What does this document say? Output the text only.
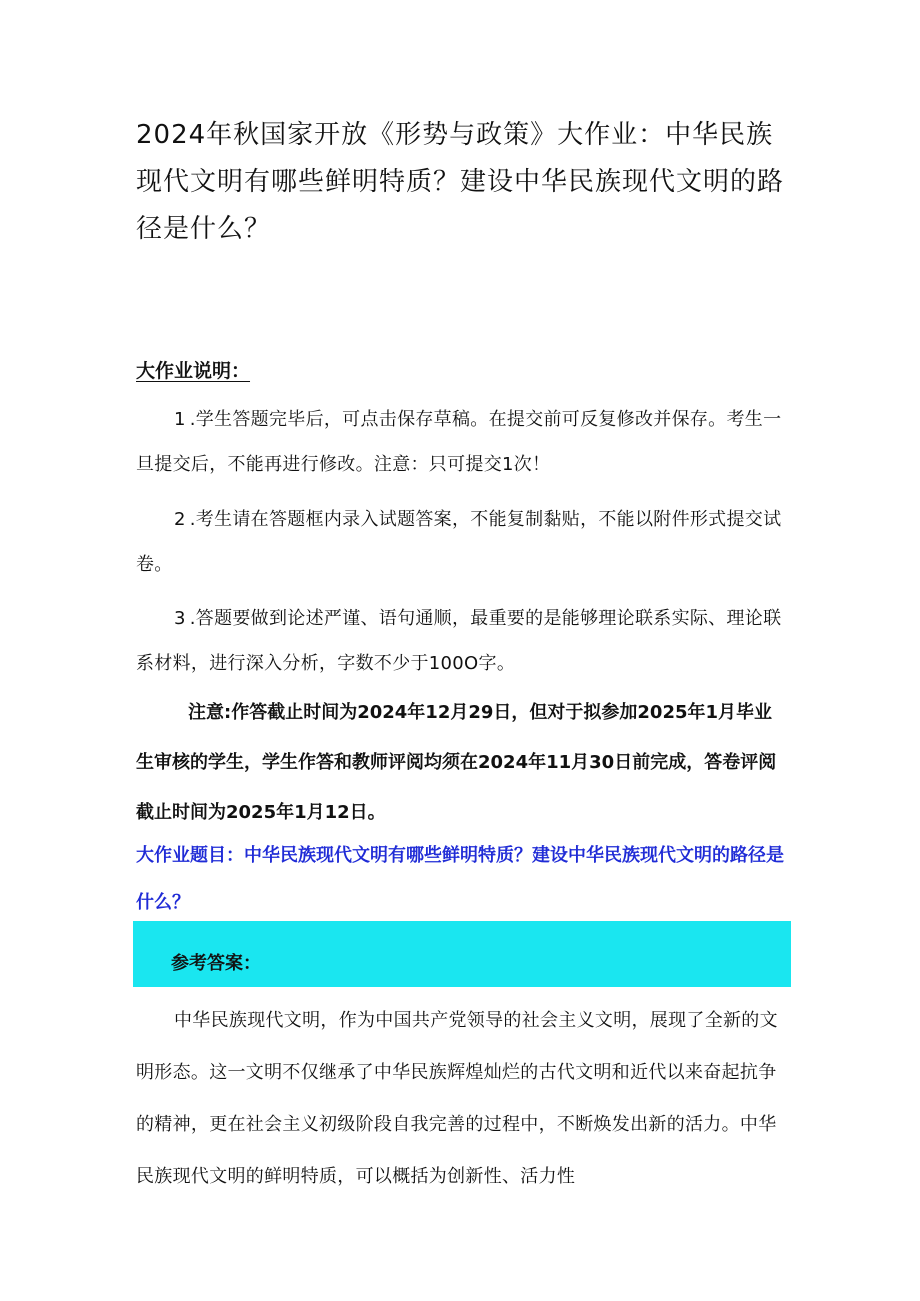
2024年秋国家开放《形势与政策》大作业：中华民族现代文明有哪些鲜明特质？建设中华民族现代文明的路径是什么？

大作业说明：

1 .学生答题完毕后，可点击保存草稿。在提交前可反复修改并保存。考生一旦提交后，不能再进行修改。注意：只可提交1次！

2 .考生请在答题框内录入试题答案，不能复制黏贴，不能以附件形式提交试卷。

3 .答题要做到论述严谨、语句通顺，最重要的是能够理论联系实际、理论联系材料，进行深入分析，字数不少于100O字。

注意:作答截止时间为2024年12月29日，但对于拟参加2025年1月毕业生审核的学生，学生作答和教师评阅均须在2024年11月30日前完成，答卷评阅截止时间为2025年1月12日。

大作业题目：中华民族现代文明有哪些鲜明特质？建设中华民族现代文明的路径是什么？

参考答案：

中华民族现代文明，作为中国共产党领导的社会主义文明，展现了全新的文明形态。这一文明不仅继承了中华民族辉煌灿烂的古代文明和近代以来奋起抗争的精神，更在社会主义初级阶段自我完善的过程中，不断焕发出新的活力。中华民族现代文明的鲜明特质，可以概括为创新性、活力性
